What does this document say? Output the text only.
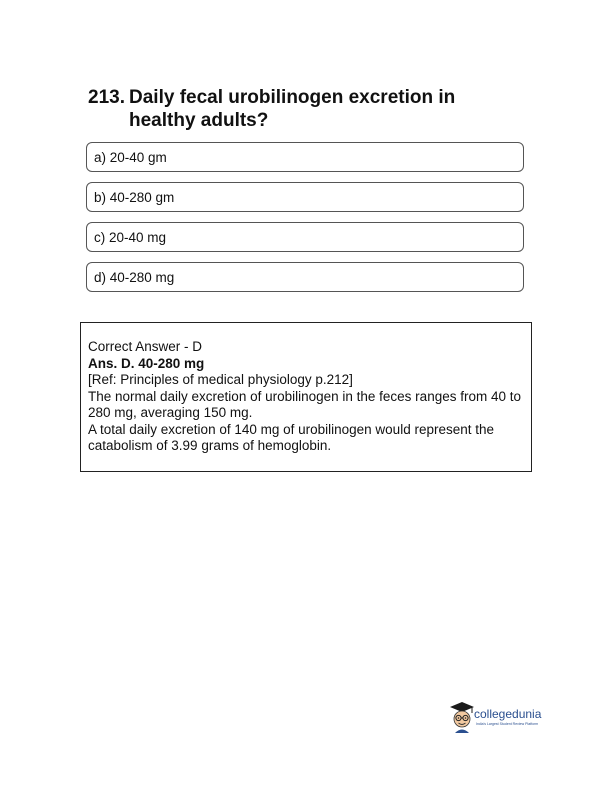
213. Daily fecal urobilinogen excretion in healthy adults?
a) 20-40 gm
b) 40-280 gm
c) 20-40 mg
d) 40-280 mg
Correct Answer - D
Ans. D. 40-280 mg
[Ref: Principles of medical physiology p.212]
The normal daily excretion of urobilinogen in the feces ranges from 40 to 280 mg, averaging 150 mg.
A total daily excretion of 140 mg of urobilinogen would represent the catabolism of 3.99 grams of hemoglobin.
collegedunia
India's Largest Student Review Platform
